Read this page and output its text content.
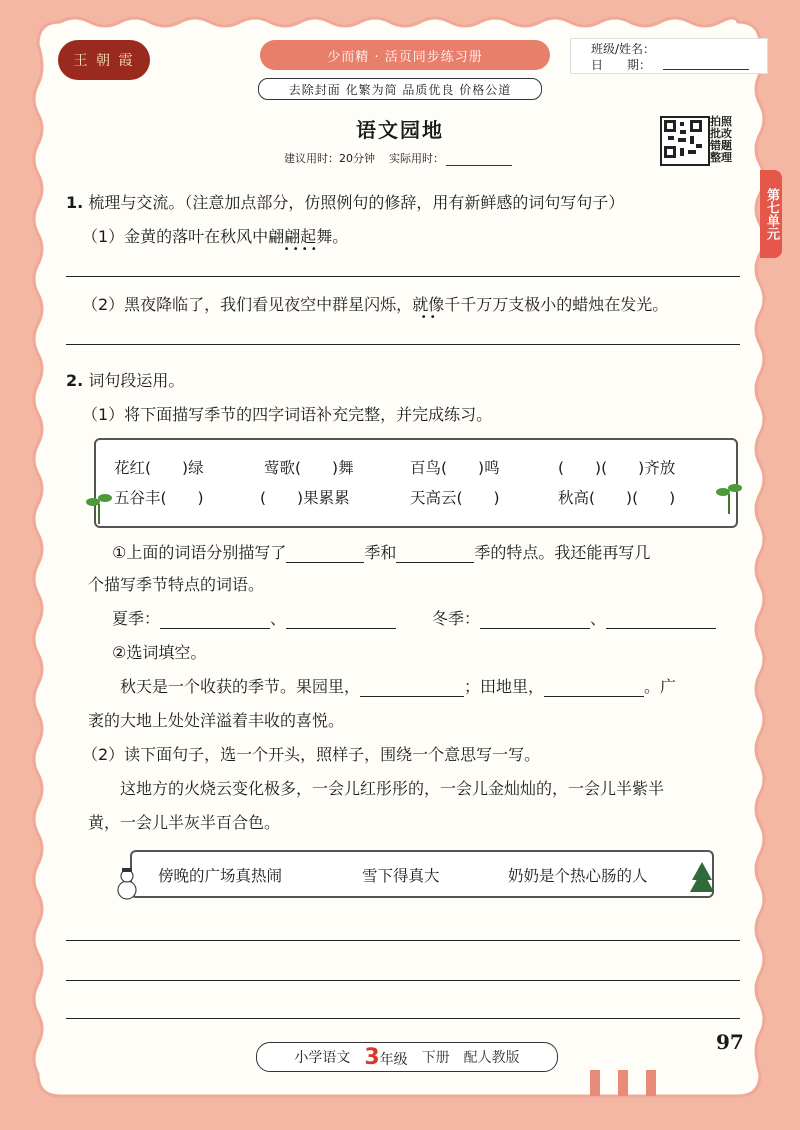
王 朝 霞	少而精 · 活页同步练习册
班级/姓名：
日　　期：
去除封面 化繁为简 品质优良 价格公道
语文园地
建议用时：20分钟 实际用时：
拍照批改 错题整理
第七单元
1. 梳理与交流。（注意加点部分，仿照例句的修辞，用有新鲜感的词句写句子）
（1）金黄的落叶在秋风中翩翩起舞
• • • •
。
（2）黑夜降临了，我们看见夜空中群星闪烁，就像
• •
千千万万支极小的蜡烛在发光。
2. 词句段运用。
（1）将下面描写季节的四字词语补充完整，并完成练习。
花红(　　)绿	莺歌(　　)舞	百鸟(　　)鸣	(　　)(　　)齐放
五谷丰(　　)	(　　)果累累	天高云(　　)	秋高(　　)(　　)
①上面的词语分别描写了	季和	季的特点。我还能再写几
个描写季节特点的词语。
夏季：	、	冬季：	、
②选词填空。
秋天是一个收获的季节。果园里，	；田地里，	。广
袤的大地上处处洋溢着丰收的喜悦。
（2）读下面句子，选一个开头，照样子，围绕一个意思写一写。
这地方的火烧云变化极多，一会儿红彤彤的，一会儿金灿灿的，一会儿半紫半
黄，一会儿半灰半百合色。
傍晚的广场真热闹	雪下得真大	奶奶是个热心肠的人
97
小学语文 3年级 下册 配人教版
